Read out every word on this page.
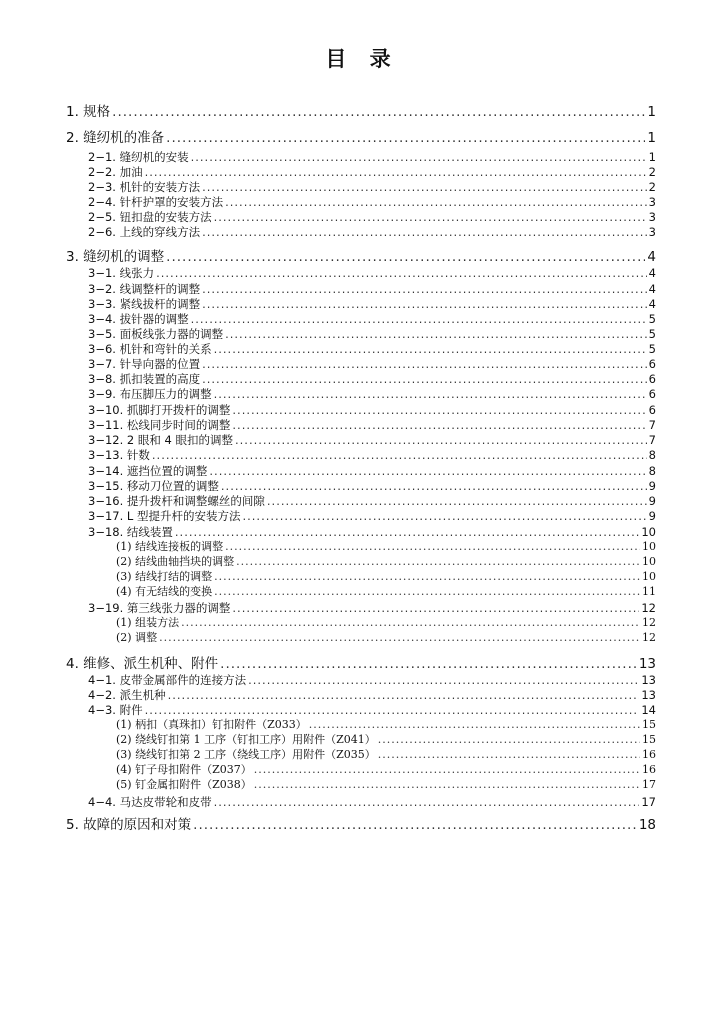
目 录
1. 规格 .....	1
2. 缝纫机的准备 .....	1
2−1. 缝纫机的安装 .....	1
2−2. 加油 .....	2
2−3. 机针的安装方法 .....	2
2−4. 针杆护罩的安装方法 .....	3
2−5. 钮扣盘的安装方法 .....	3
2−6. 上线的穿线方法 .....	3
3. 缝纫机的调整 .....	4
3−1. 线张力 .....	4
3−2. 线调整杆的调整 .....	4
3−3. 紧线拔杆的调整 .....	4
3−4. 拔针器的调整 .....	5
3−5. 面板线张力器的调整 .....	5
3−6. 机针和弯针的关系 .....	5
3−7. 针导向器的位置 .....	6
3−8. 抓扣装置的高度 .....	6
3−9. 布压脚压力的调整 .....	6
3−10. 抓脚打开拨杆的调整 .....	6
3−11. 松线同步时间的调整 .....	7
3−12. 2 眼和 4 眼扣的调整 .....	7
3−13. 针数 .....	8
3−14. 遮挡位置的调整 .....	8
3−15. 移动刀位置的调整 .....	9
3−16. 提升拨杆和调整螺丝的间隙 .....	9
3−17. L 型提升杆的安装方法 .....	9
3−18. 结线装置 .....	10
(1) 结线连接板的调整 .....	10
(2) 结线曲轴挡块的调整 .....	10
(3) 结线打结的调整 .....	10
(4) 有无结线的变换 .....	11
3−19. 第三线张力器的调整 .....	12
(1) 组装方法 .....	12
(2) 调整 .....	12
4. 维修、派生机种、附件 .....	13
4−1. 皮带金属部件的连接方法 .....	13
4−2. 派生机种 .....	13
4−3. 附件 .....	14
(1) 柄扣（真珠扣）钉扣附件（Z033） .....	15
(2) 绕线钉扣第 1 工序（钉扣工序）用附件（Z041） .....	15
(3) 绕线钉扣第 2 工序（绕线工序）用附件（Z035） .....	16
(4) 钉子母扣附件（Z037） .....	16
(5) 钉金属扣附件（Z038） .....	17
4−4. 马达皮带轮和皮带 .....	17
5. 故障的原因和对策 .....	18
